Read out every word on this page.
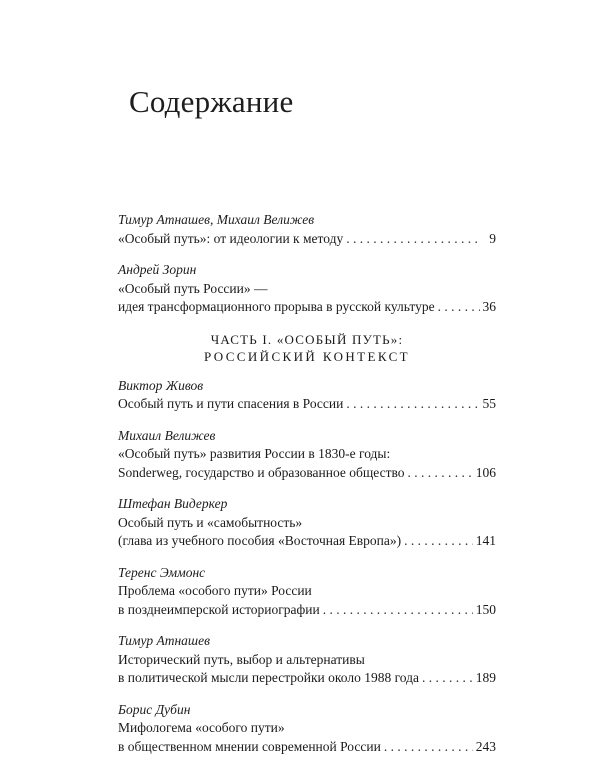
Содержание
Тимур Атнашев, Михаил Велижев
«Особый путь»: от идеологии к методу . . .	9
Андрей Зорин
«Особый путь России» —
идея трансформационного прорыва в русской культуре . . .	36
ЧАСТЬ I. «ОСОБЫЙ ПУТЬ»:
РОССИЙСКИЙ КОНТЕКСТ
Виктор Живов
Особый путь и пути спасения в России . . .	55
Михаил Велижев
«Особый путь» развития России в 1830-е годы:
Sonderweg, государство и образованное общество . . .	106
Штефан Видеркер
Особый путь и «самобытность»
(глава из учебного пособия «Восточная Европа») . . .	141
Теренс Эммонс
Проблема «особого пути» России
в позднеимперской историографии . . .	150
Тимур Атнашев
Исторический путь, выбор и альтернативы
в политической мысли перестройки около 1988 года . . .	189
Борис Дубин
Мифологема «особого пути»
в общественном мнении современной России . . .	243
